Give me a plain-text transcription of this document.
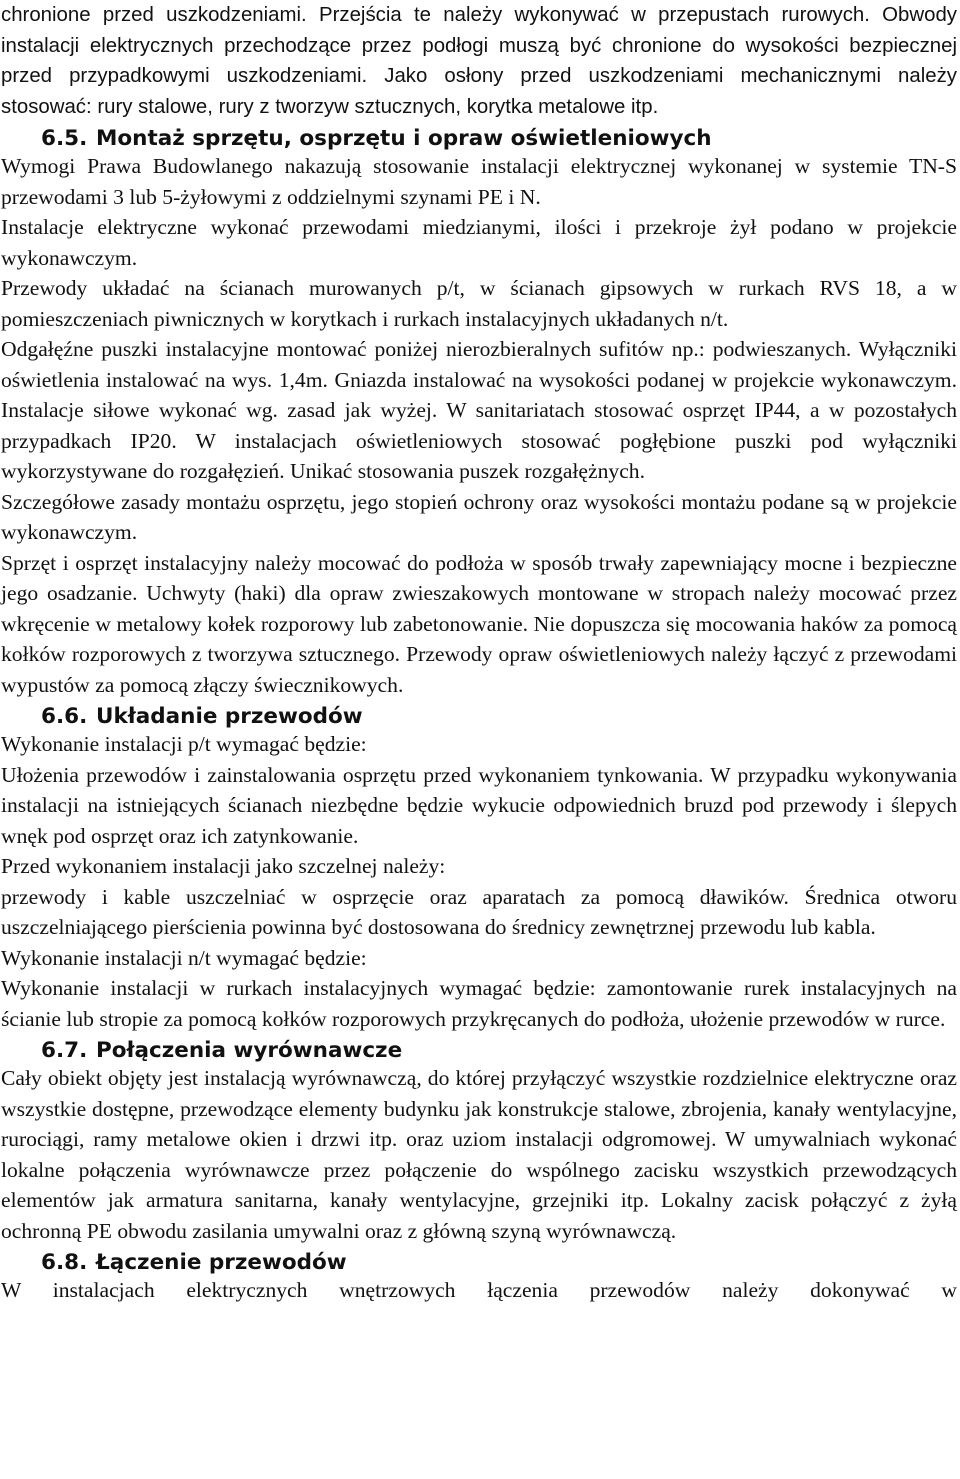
chronione przed uszkodzeniami. Przejścia te należy wykonywać w przepustach rurowych. Obwody instalacji elektrycznych przechodzące przez podłogi muszą być chronione do wysokości bezpiecznej przed przypadkowymi uszkodzeniami. Jako osłony przed uszkodzeniami mechanicznymi należy stosować: rury stalowe, rury z tworzyw sztucznych, korytka metalowe itp.

6.5. Montaż sprzętu, osprzętu i opraw oświetleniowych

Wymogi Prawa Budowlanego nakazują stosowanie instalacji elektrycznej wykonanej w systemie TN-S przewodami 3 lub 5-żyłowymi z oddzielnymi szynami PE i N.

Instalacje elektryczne wykonać przewodami miedzianymi, ilości i przekroje żył podano w projekcie wykonawczym.

Przewody układać na ścianach murowanych p/t, w ścianach gipsowych w rurkach RVS 18, a w pomieszczeniach piwnicznych w korytkach i rurkach instalacyjnych układanych n/t.

Odgałęźne puszki instalacyjne montować poniżej nierozbieralnych sufitów np.: podwieszanych. Wyłączniki oświetlenia instalować na wys. 1,4m. Gniazda instalować na wysokości podanej w projekcie wykonawczym. Instalacje siłowe wykonać wg. zasad jak wyżej. W sanitariatach stosować osprzęt IP44, a w pozostałych przypadkach IP20. W instalacjach oświetleniowych stosować pogłębione puszki pod wyłączniki wykorzystywane do rozgałęzień. Unikać stosowania puszek rozgałężnych.

Szczegółowe zasady montażu osprzętu, jego stopień ochrony oraz wysokości montażu podane są w projekcie wykonawczym.

Sprzęt i osprzęt instalacyjny należy mocować do podłoża w sposób trwały zapewniający mocne i bezpieczne jego osadzanie. Uchwyty (haki) dla opraw zwieszakowych montowane w stropach należy mocować przez wkręcenie w metalowy kołek rozporowy lub zabetonowanie. Nie dopuszcza się mocowania haków za pomocą kołków rozporowych z tworzywa sztucznego. Przewody opraw oświetleniowych należy łączyć z przewodami wypustów za pomocą złączy świecznikowych.

6.6. Układanie przewodów

Wykonanie instalacji p/t wymagać będzie:

Ułożenia przewodów i zainstalowania osprzętu przed wykonaniem tynkowania. W przypadku wykonywania instalacji na istniejących ścianach niezbędne będzie wykucie odpowiednich bruzd pod przewody i ślepych wnęk pod osprzęt oraz ich zatynkowanie.

Przed wykonaniem instalacji jako szczelnej należy:

przewody i kable uszczelniać w osprzęcie oraz aparatach za pomocą dławików. Średnica otworu uszczelniającego pierścienia powinna być dostosowana do średnicy zewnętrznej przewodu lub kabla.

Wykonanie instalacji n/t wymagać będzie:

Wykonanie instalacji w rurkach instalacyjnych wymagać będzie: zamontowanie rurek instalacyjnych na ścianie lub stropie za pomocą kołków rozporowych przykręcanych do podłoża, ułożenie przewodów w rurce.

6.7. Połączenia wyrównawcze

Cały obiekt objęty jest instalacją wyrównawczą, do której przyłączyć wszystkie rozdzielnice elektryczne oraz wszystkie dostępne, przewodzące elementy budynku jak konstrukcje stalowe, zbrojenia, kanały wentylacyjne, rurociągi, ramy metalowe okien i drzwi itp. oraz uziom instalacji odgromowej. W umywalniach wykonać lokalne połączenia wyrównawcze przez połączenie do wspólnego zacisku wszystkich przewodzących elementów jak armatura sanitarna, kanały wentylacyjne, grzejniki itp. Lokalny zacisk połączyć z żyłą ochronną PE obwodu zasilania umywalni oraz z główną szyną wyrównawczą.

6.8. Łączenie przewodów

W instalacjach elektrycznych wnętrzowych łączenia przewodów należy dokonywać w
